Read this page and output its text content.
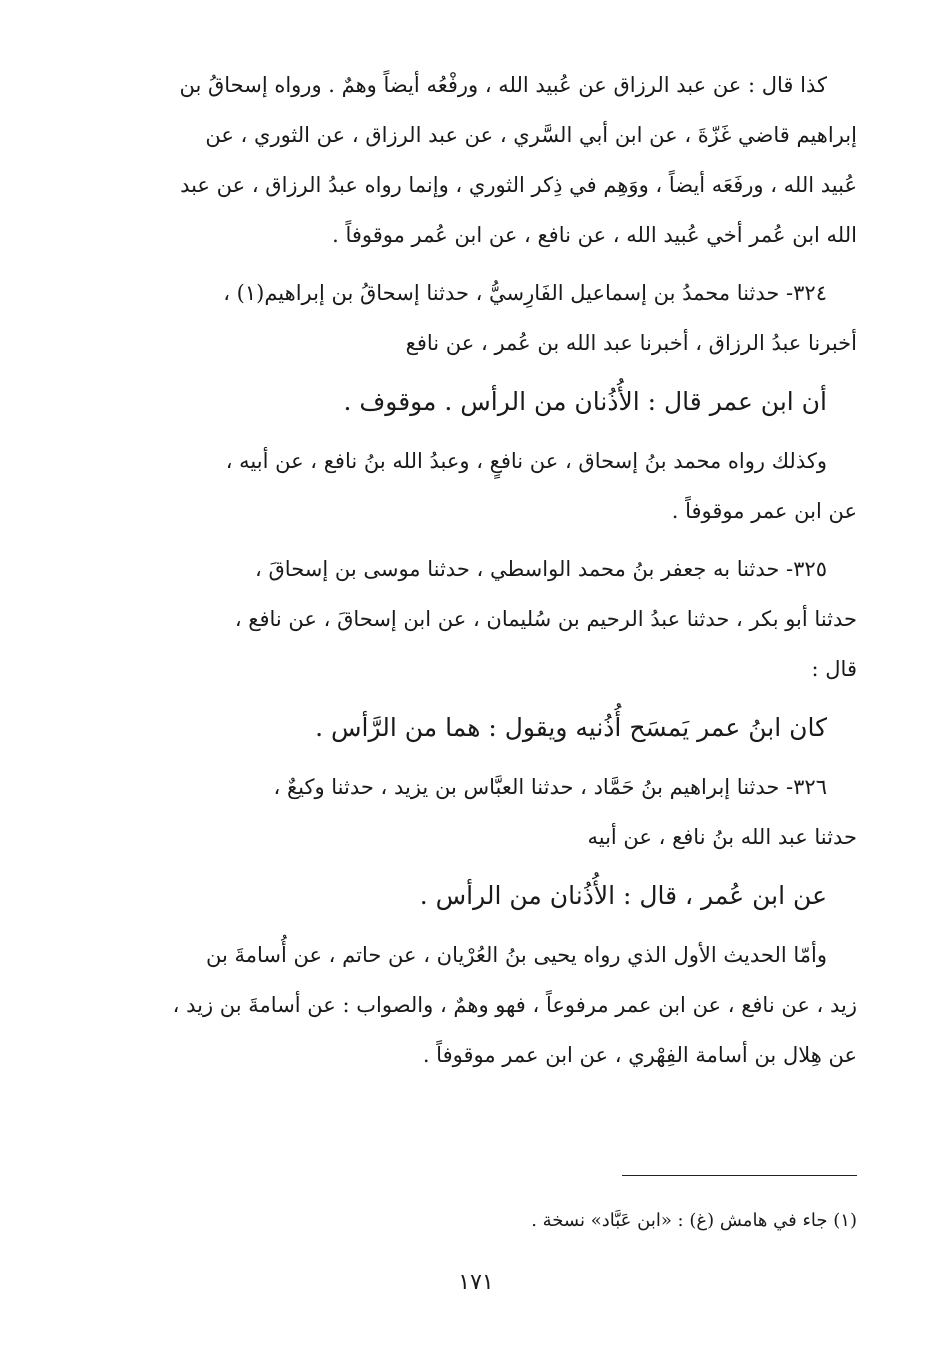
كذا قال : عن عبد الرزاق عن عُبيد الله ، ورفْعُه أيضاً وهمٌ . ورواه إسحاقُ بن
إبراهيم قاضي غَزّةَ ، عن ابن أبي السَّري ، عن عبد الرزاق ، عن الثوري ، عن
عُبيد الله ، ورفَعَه أيضاً ، ووَهِم في ذِكر الثوري ، وإنما رواه عبدُ الرزاق ، عن عبد
الله ابن عُمر أخي عُبيد الله ، عن نافع ، عن ابن عُمر موقوفاً .
٣٢٤- حدثنا محمدُ بن إسماعيل الفَارِسيُّ ، حدثنا إسحاقُ بن إبراهيم(١) ،
أخبرنا عبدُ الرزاق ، أخبرنا عبد الله بن عُمر ، عن نافع
أن ابن عمر قال : الأُذُنان من الرأس . موقوف .
وكذلك رواه محمد بنُ إسحاق ، عن نافعٍ ، وعبدُ الله بنُ نافع ، عن أبيه ،
عن ابن عمر موقوفاً .
٣٢٥- حدثنا به جعفر بنُ محمد الواسطي ، حدثنا موسى بن إسحاقَ ،
حدثنا أبو بكر ، حدثنا عبدُ الرحيم بن سُليمان ، عن ابن إسحاقَ ، عن نافع ،
قال :
كان ابنُ عمر يَمسَح أُذُنيه ويقول : هما من الرَّأس .
٣٢٦- حدثنا إبراهيم بنُ حَمَّاد ، حدثنا العبَّاس بن يزيد ، حدثنا وكيعٌ ،
حدثنا عبد الله بنُ نافع ، عن أبيه
عن ابن عُمر ، قال : الأُذُنان من الرأس .
وأمّا الحديث الأول الذي رواه يحيى بنُ العُرْيان ، عن حاتم ، عن أُسامةَ بن
زيد ، عن نافع ، عن ابن عمر مرفوعاً ، فهو وهمٌ ، والصواب : عن أسامةَ بن زيد ،
عن هِلال بن أسامة الفِهْري ، عن ابن عمر موقوفاً .
(١) جاء في هامش (غ) : «ابن عَبَّاد» نسخة .
١٧١
